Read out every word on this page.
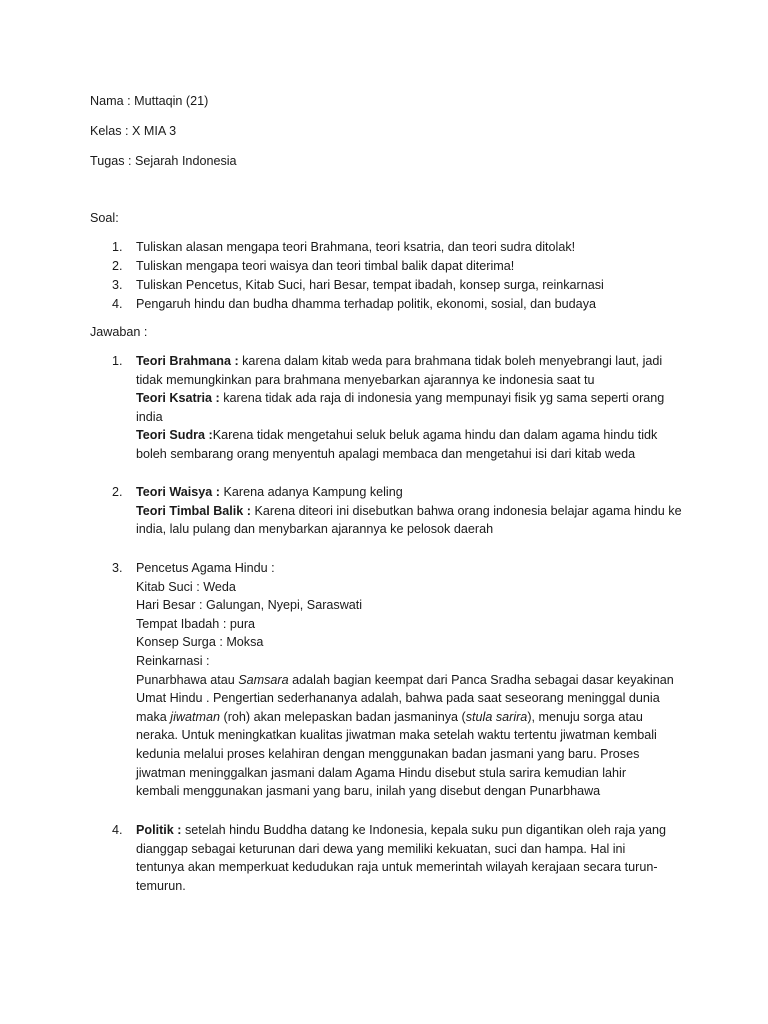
Nama : Muttaqin (21)
Kelas : X MIA 3
Tugas : Sejarah Indonesia
Soal:
1. Tuliskan alasan mengapa teori Brahmana, teori ksatria, dan teori sudra ditolak!
2. Tuliskan mengapa teori waisya dan teori timbal balik dapat diterima!
3. Tuliskan Pencetus, Kitab Suci, hari Besar, tempat ibadah, konsep surga, reinkarnasi
4. Pengaruh hindu dan budha dhamma terhadap politik, ekonomi, sosial, dan budaya
Jawaban :
1. Teori Brahmana : karena dalam kitab weda para brahmana tidak boleh menyebrangi laut, jadi
tidak memungkinkan para brahmana menyebarkan ajarannya ke indonesia saat tu
Teori Ksatria : karena tidak ada raja di indonesia yang mempunayi fisik yg sama seperti orang
india
Teori Sudra :Karena tidak mengetahui seluk beluk agama hindu dan dalam agama hindu tidk
boleh sembarang orang menyentuh apalagi membaca dan mengetahui isi dari kitab weda
2. Teori Waisya : Karena adanya Kampung keling
Teori Timbal Balik : Karena diteori ini disebutkan bahwa orang indonesia belajar agama hindu ke
india, lalu pulang dan menybarkan ajarannya ke pelosok daerah
3. Pencetus Agama Hindu :
Kitab Suci : Weda
Hari Besar : Galungan, Nyepi, Saraswati
Tempat Ibadah : pura
Konsep Surga : Moksa
Reinkarnasi :
Punarbhawa atau Samsara adalah bagian keempat dari Panca Sradha sebagai dasar keyakinan
Umat Hindu . Pengertian sederhananya adalah, bahwa pada saat seseorang meninggal dunia
maka jiwatman (roh) akan melepaskan badan jasmaninya (stula sarira), menuju sorga atau
neraka. Untuk meningkatkan kualitas jiwatman maka setelah waktu tertentu jiwatman kembali
kedunia melalui proses kelahiran dengan menggunakan badan jasmani yang baru. Proses
jiwatman meninggalkan jasmani dalam Agama Hindu disebut stula sarira kemudian lahir
kembali menggunakan jasmani yang baru, inilah yang disebut dengan Punarbhawa
4. Politik : setelah hindu Buddha datang ke Indonesia, kepala suku pun digantikan oleh raja yang
dianggap sebagai keturunan dari dewa yang memiliki kekuatan, suci dan hampa. Hal ini
tentunya akan memperkuat kedudukan raja untuk memerintah wilayah kerajaan secara turun-
temurun.
